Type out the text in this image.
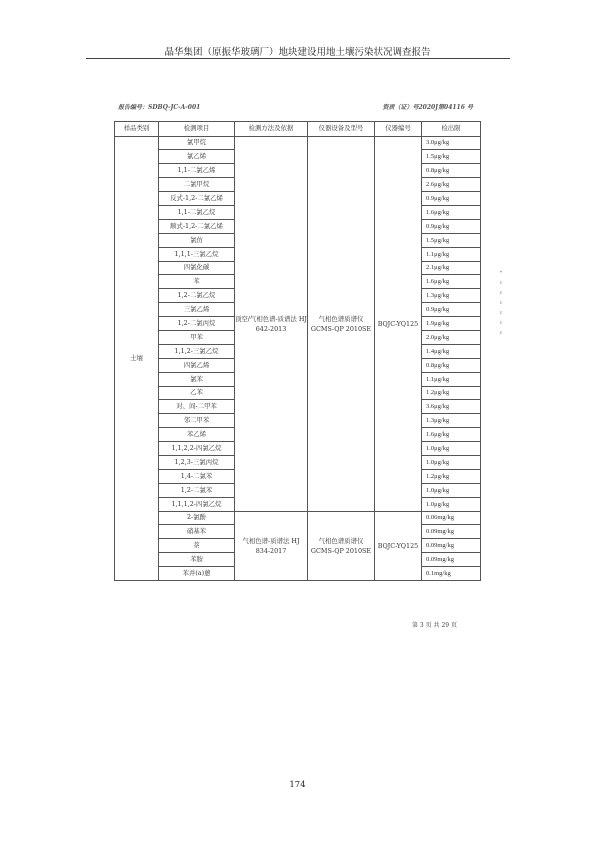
晶华集团（原振华玻璃厂）地块建设用地土壤污染状况调查报告
报告编号：SDBQ-JC-A-001	资质（证）号2020J第04116 号
样品类别	检测项目	检测方法及依据	仪器设备及型号	仪器编号	检出限
土壤	氯甲烷	顶空/气相色谱-质谱法 HJ 642-2013	气相色谱质谱仪 GCMS-QP 2010SE	BQJC-YQ125	3.0μg/kg
	氯乙烯				1.5μg/kg
	1,1-二氯乙烯				0.8μg/kg
	二氯甲烷				2.6μg/kg
	反式-1,2-二氯乙烯				0.9μg/kg
	1,1-二氯乙烷				1.6μg/kg
	顺式-1,2-二氯乙烯				0.9μg/kg
	氯仿				1.5μg/kg
	1,1,1-三氯乙烷				1.1μg/kg
	四氯化碳				2.1μg/kg
	苯				1.6μg/kg
	1,2-二氯乙烷				1.3μg/kg
	三氯乙烯				0.9μg/kg
	1,2-二氯丙烷				1.9μg/kg
	甲苯				2.0μg/kg
	1,1,2-三氯乙烷				1.4μg/kg
	四氯乙烯				0.8μg/kg
	氯苯				1.1μg/kg
	乙苯				1.2μg/kg
	对、间-二甲苯				3.6μg/kg
	邻二甲苯				1.3μg/kg
	苯乙烯				1.6μg/kg
	1,1,2,2-四氯乙烷				1.0μg/kg
	1,2,3-三氯丙烷				1.0μg/kg
	1,4-二氯苯				1.2μg/kg
	1,2-二氯苯				1.0μg/kg
	1,1,1,2-四氯乙烷				1.0μg/kg
	2-氯酚	气相色谱-质谱法 HJ 834-2017	气相色谱质谱仪 GCMS-QP 2010SE	BQJC-YQ125	0.06mg/kg
	硝基苯				0.09mg/kg
	萘				0.09mg/kg
	苯胺				0.09mg/kg
	苯并(a)蒽				0.1mg/kg
*
c
c
c
c
c
c
第 3 页 共 29 页
174
